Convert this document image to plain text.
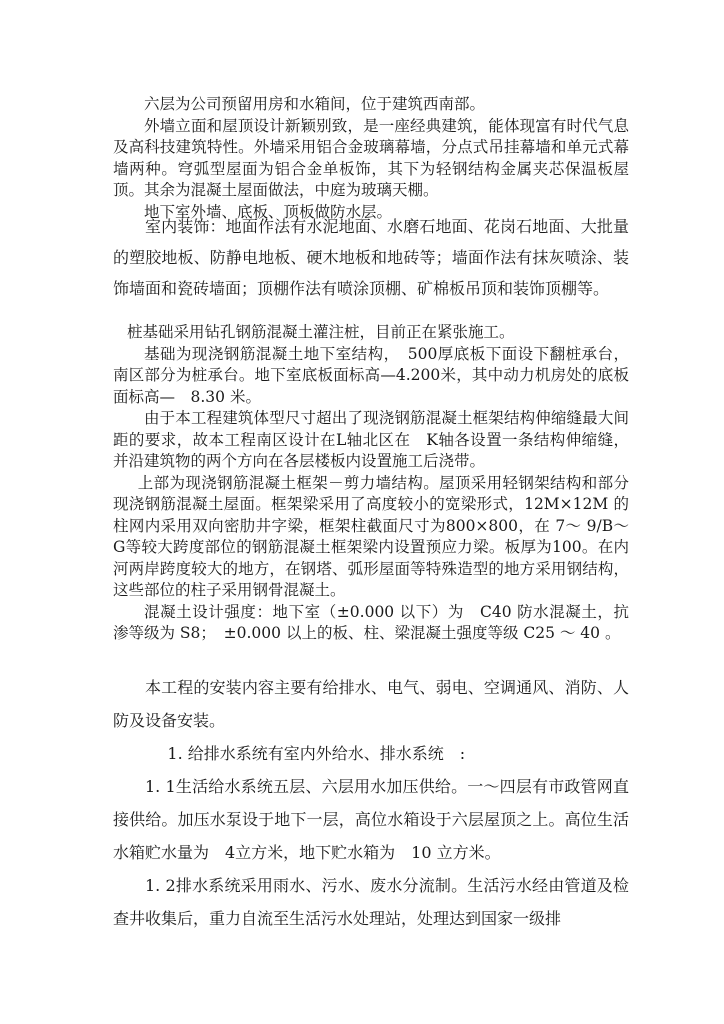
六层为公司预留用房和水箱间，位于建筑西南部。

外墙立面和屋顶设计新颖别致，是一座经典建筑，能体现富有时代气息及高科技建筑特性。外墙采用铝合金玻璃幕墙，分点式吊挂幕墙和单元式幕墙两种。穹弧型屋面为铝合金单板饰，其下为轻钢结构金属夹芯保温板屋顶。其余为混凝土屋面做法，中庭为玻璃天棚。

地下室外墙、底板、顶板做防水层。

室内装饰：地面作法有水泥地面、水磨石地面、花岗石地面、大批量的塑胶地板、防静电地板、硬木地板和地砖等；墙面作法有抹灰喷涂、装饰墙面和瓷砖墙面；顶棚作法有喷涂顶棚、矿棉板吊顶和装饰顶棚等。

桩基础采用钻孔钢筋混凝土灌注桩，目前正在紧张施工。

基础为现浇钢筋混凝土地下室结构，　500厚底板下面设下翻桩承台，南区部分为桩承台。地下室底板面标高—4.200米，其中动力机房处的底板面标高—　8.30 米。

由于本工程建筑体型尺寸超出了现浇钢筋混凝土框架结构伸缩缝最大间距的要求，故本工程南区设计在L轴北区在　K轴各设置一条结构伸缩缝，并沿建筑物的两个方向在各层楼板内设置施工后浇带。

上部为现浇钢筋混凝土框架－剪力墙结构。屋顶采用轻钢架结构和部分现浇钢筋混凝土屋面。框架梁采用了高度较小的宽梁形式，12M×12M 的柱网内采用双向密肋井字梁，框架柱截面尺寸为800×800，在 7～ 9/B～ G等较大跨度部位的钢筋混凝土框架梁内设置预应力梁。板厚为100。在内河两岸跨度较大的地方，在钢塔、弧形屋面等特殊造型的地方采用钢结构，这些部位的柱子采用钢骨混凝土。

混凝土设计强度：地下室（±0.000 以下）为　C40 防水混凝土，抗渗等级为 S8；　±0.000 以上的板、柱、梁混凝土强度等级 C25 ～ 40 。

本工程的安装内容主要有给排水、电气、弱电、空调通风、消防、人防及设备安装。

1. 给排水系统有室内外给水、排水系统　:

1. 1生活给水系统五层、六层用水加压供给。一～四层有市政管网直接供给。加压水泵设于地下一层，高位水箱设于六层屋顶之上。高位生活水箱贮水量为　4立方米，地下贮水箱为　10 立方米。

1. 2排水系统采用雨水、污水、废水分流制。生活污水经由管道及检查井收集后，重力自流至生活污水处理站，处理达到国家一级排
